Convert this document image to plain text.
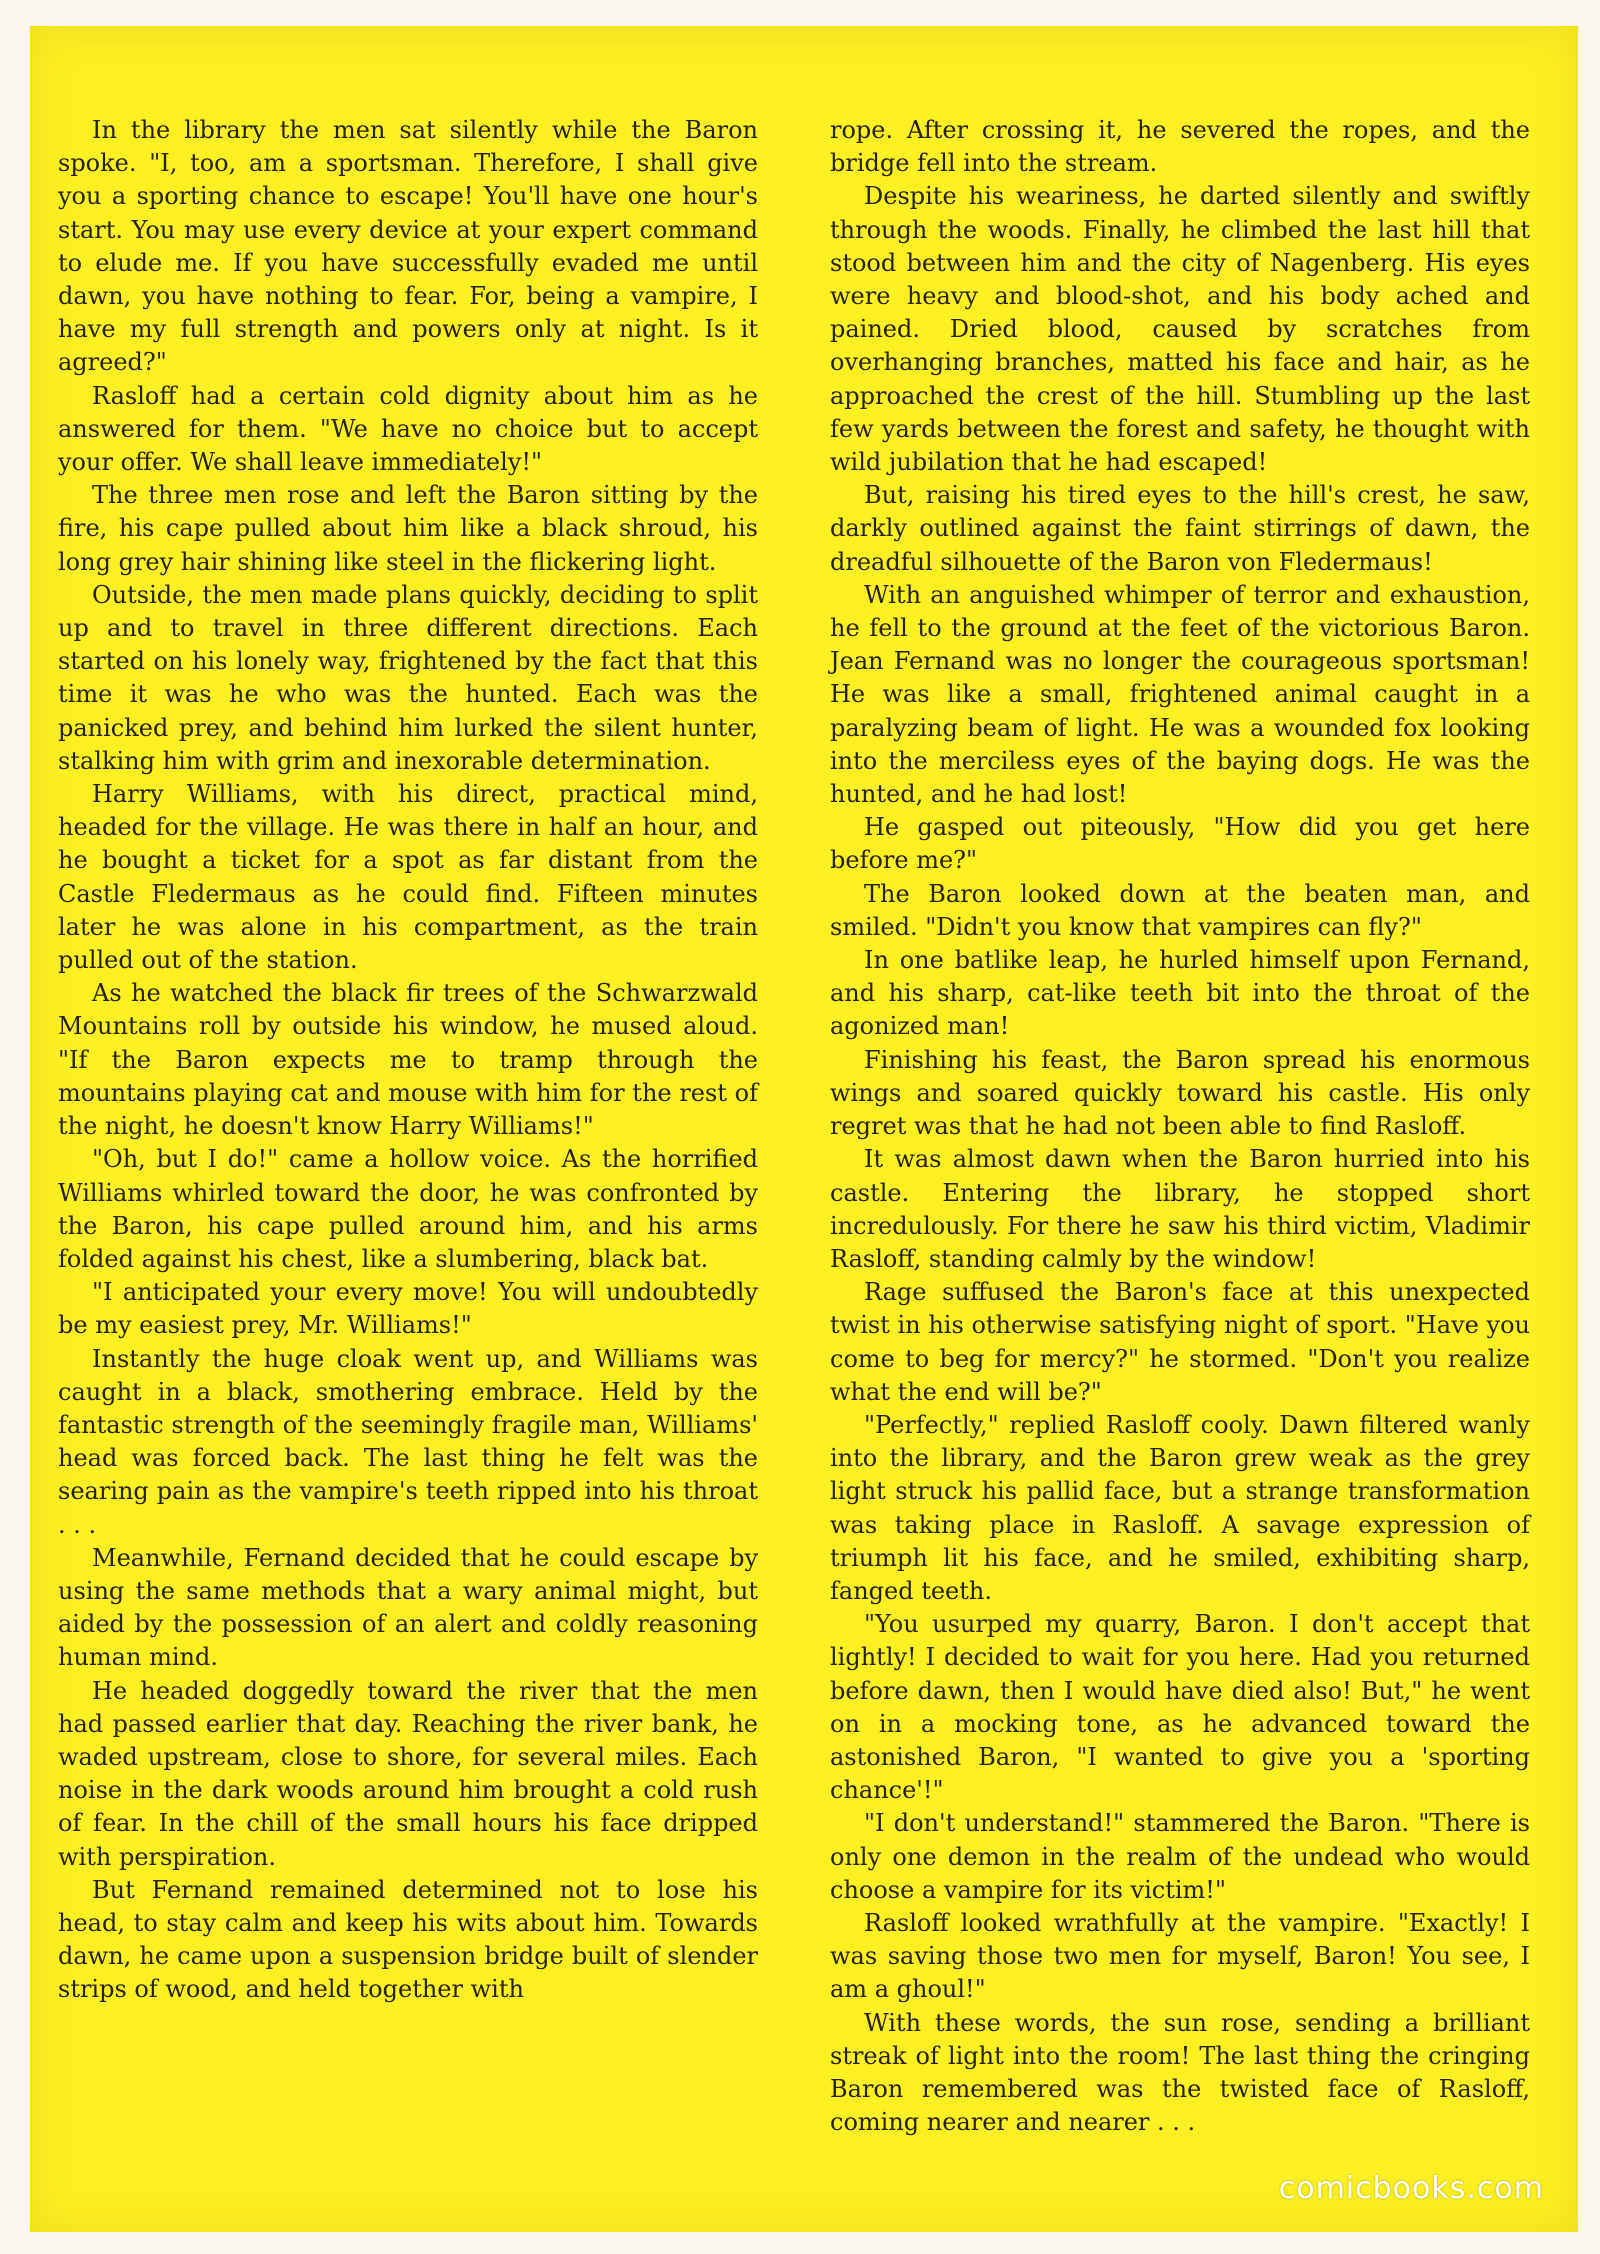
In the library the men sat silently while the Baron spoke. "I, too, am a sportsman. Therefore, I shall give you a sporting chance to escape! You'll have one hour's start. You may use every device at your expert command to elude me. If you have successfully evaded me until dawn, you have nothing to fear. For, being a vampire, I have my full strength and powers only at night. Is it agreed?"

Rasloff had a certain cold dignity about him as he answered for them. "We have no choice but to accept your offer. We shall leave immediately!"

The three men rose and left the Baron sitting by the fire, his cape pulled about him like a black shroud, his long grey hair shining like steel in the flickering light.

Outside, the men made plans quickly, deciding to split up and to travel in three different directions. Each started on his lonely way, frightened by the fact that this time it was he who was the hunted. Each was the panicked prey, and behind him lurked the silent hunter, stalking him with grim and inexorable determination.

Harry Williams, with his direct, practical mind, headed for the village. He was there in half an hour, and he bought a ticket for a spot as far distant from the Castle Fledermaus as he could find. Fifteen minutes later he was alone in his compartment, as the train pulled out of the station.

As he watched the black fir trees of the Schwarzwald Mountains roll by outside his window, he mused aloud. "If the Baron expects me to tramp through the mountains playing cat and mouse with him for the rest of the night, he doesn't know Harry Williams!"

"Oh, but I do!" came a hollow voice. As the horrified Williams whirled toward the door, he was confronted by the Baron, his cape pulled around him, and his arms folded against his chest, like a slumbering, black bat.

"I anticipated your every move! You will undoubtedly be my easiest prey, Mr. Williams!"

Instantly the huge cloak went up, and Williams was caught in a black, smothering embrace. Held by the fantastic strength of the seemingly fragile man, Williams' head was forced back. The last thing he felt was the searing pain as the vampire's teeth ripped into his throat . . .

Meanwhile, Fernand decided that he could escape by using the same methods that a wary animal might, but aided by the possession of an alert and coldly reasoning human mind.

He headed doggedly toward the river that the men had passed earlier that day. Reaching the river bank, he waded upstream, close to shore, for several miles. Each noise in the dark woods around him brought a cold rush of fear. In the chill of the small hours his face dripped with perspiration.

But Fernand remained determined not to lose his head, to stay calm and keep his wits about him. Towards dawn, he came upon a suspension bridge built of slender strips of wood, and held together with

rope. After crossing it, he severed the ropes, and the bridge fell into the stream.

Despite his weariness, he darted silently and swiftly through the woods. Finally, he climbed the last hill that stood between him and the city of Nagenberg. His eyes were heavy and blood-shot, and his body ached and pained. Dried blood, caused by scratches from overhanging branches, matted his face and hair, as he approached the crest of the hill. Stumbling up the last few yards between the forest and safety, he thought with wild jubilation that he had escaped!

But, raising his tired eyes to the hill's crest, he saw, darkly outlined against the faint stirrings of dawn, the dreadful silhouette of the Baron von Fledermaus!

With an anguished whimper of terror and exhaustion, he fell to the ground at the feet of the victorious Baron. Jean Fernand was no longer the courageous sportsman! He was like a small, frightened animal caught in a paralyzing beam of light. He was a wounded fox looking into the merciless eyes of the baying dogs. He was the hunted, and he had lost!

He gasped out piteously, "How did you get here before me?"

The Baron looked down at the beaten man, and smiled. "Didn't you know that vampires can fly?"

In one batlike leap, he hurled himself upon Fernand, and his sharp, cat-like teeth bit into the throat of the agonized man!

Finishing his feast, the Baron spread his enormous wings and soared quickly toward his castle. His only regret was that he had not been able to find Rasloff.

It was almost dawn when the Baron hurried into his castle. Entering the library, he stopped short incredulously. For there he saw his third victim, Vladimir Rasloff, standing calmly by the window!

Rage suffused the Baron's face at this unexpected twist in his otherwise satisfying night of sport. "Have you come to beg for mercy?" he stormed. "Don't you realize what the end will be?"

"Perfectly," replied Rasloff cooly. Dawn filtered wanly into the library, and the Baron grew weak as the grey light struck his pallid face, but a strange transformation was taking place in Rasloff. A savage expression of triumph lit his face, and he smiled, exhibiting sharp, fanged teeth.

"You usurped my quarry, Baron. I don't accept that lightly! I decided to wait for you here. Had you returned before dawn, then I would have died also! But," he went on in a mocking tone, as he advanced toward the astonished Baron, "I wanted to give you a 'sporting chance'!"

"I don't understand!" stammered the Baron. "There is only one demon in the realm of the undead who would choose a vampire for its victim!"

Rasloff looked wrathfully at the vampire. "Exactly! I was saving those two men for myself, Baron! You see, I am a ghoul!"

With these words, the sun rose, sending a brilliant streak of light into the room! The last thing the cringing Baron remembered was the twisted face of Rasloff, coming nearer and nearer . . .

comicbooks.com
